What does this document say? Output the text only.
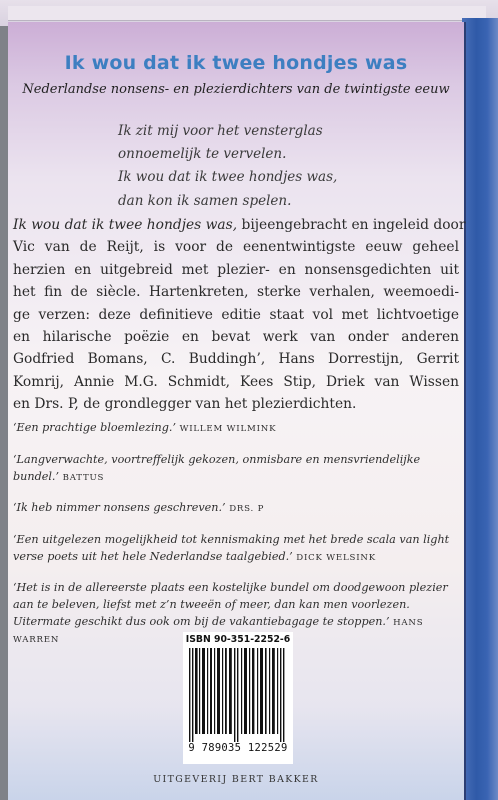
Ik wou dat ik twee hondjes was
Nederlandse nonsens- en plezierdichters van de twintigste eeuw
Ik zit mij voor het vensterglas
onnoemelijk te vervelen.
Ik wou dat ik twee hondjes was,
dan kon ik samen spelen.
Ik wou dat ik twee hondjes was, bijeengebracht en ingeleid door
Vic van de Reijt, is voor de eenentwintigste eeuw geheel
herzien en uitgebreid met plezier- en nonsensgedichten uit
het fin de siècle. Hartenkreten, sterke verhalen, weemoedi-
ge verzen: deze definitieve editie staat vol met lichtvoetige
en hilarische poëzie en bevat werk van onder anderen
Godfried Bomans, C. Buddingh’, Hans Dorrestijn, Gerrit
Komrij, Annie M.G. Schmidt, Kees Stip, Driek van Wissen
en Drs. P, de grondlegger van het plezierdichten.
‘Een prachtige bloemlezing.’ WILLEM WILMINK
‘Langverwachte, voortreffelijk gekozen, onmisbare en mensvriendelijke bundel.’ BATTUS
‘Ik heb nimmer nonsens geschreven.’ DRS. P
‘Een uitgelezen mogelijkheid tot kennismaking met het brede scala van light verse poets uit het hele Nederlandse taalgebied.’ DICK WELSINK
‘Het is in de allereerste plaats een kostelijke bundel om doodgewoon plezier aan te beleven, liefst met z’n tweeën of meer, dan kan men voorlezen. Uitermate geschikt dus ook om bij de vakantiebagage te stoppen.’ HANS WARREN	ISBN 90-351-2252-6
9 789035 122529
UITGEVERIJ BERT BAKKER
